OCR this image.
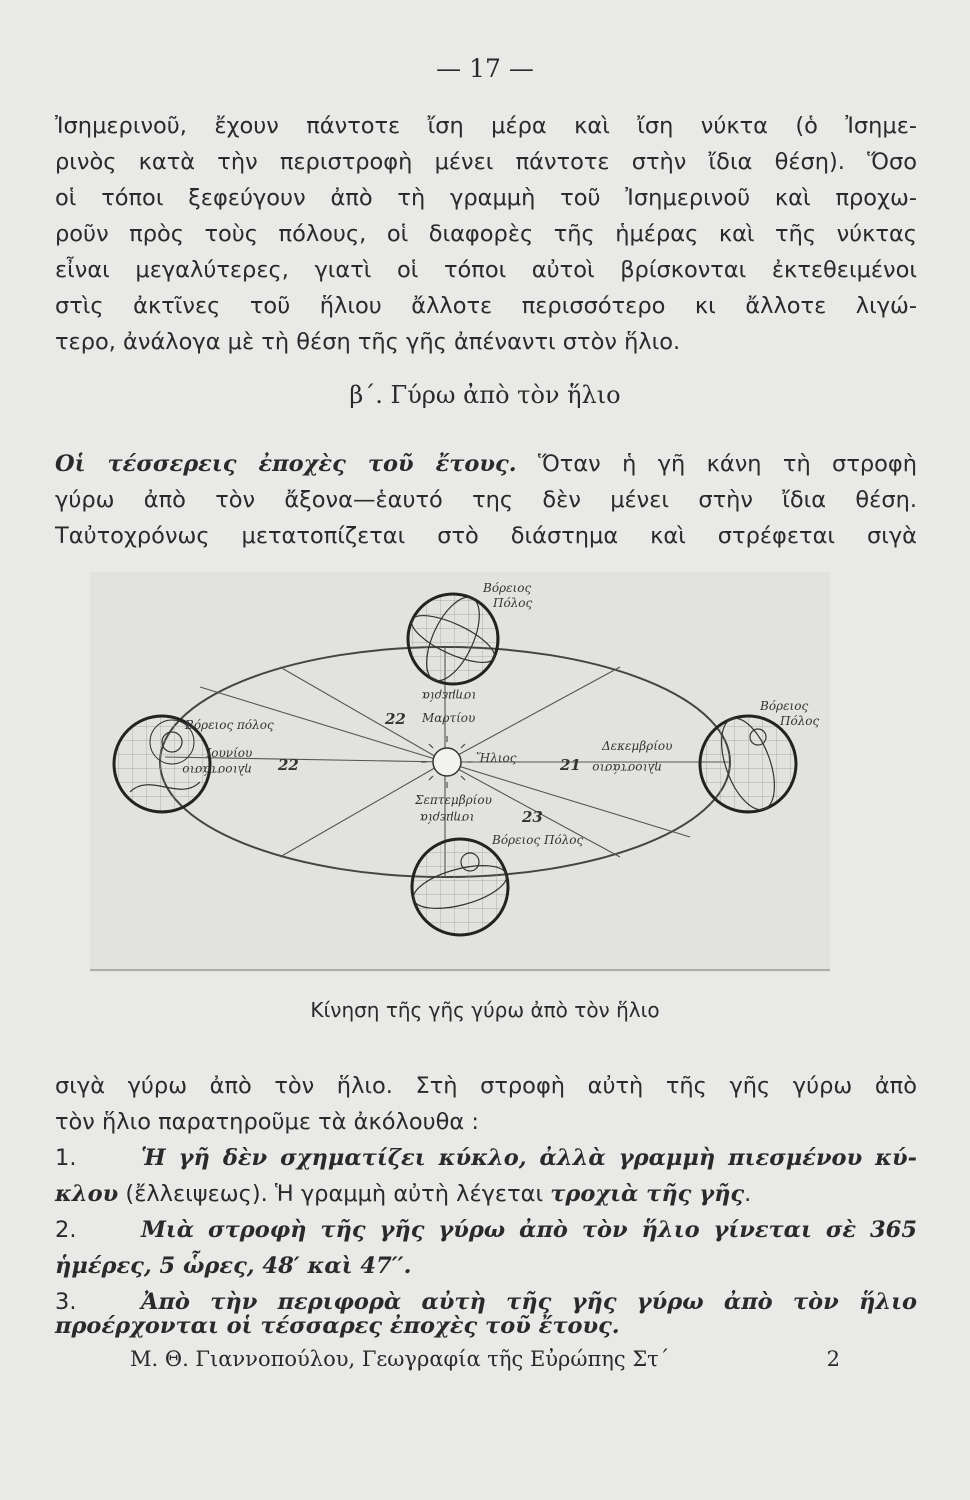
— 17 —
Ἰσημερινοῦ, ἔχουν πάντοτε ἴση μέρα καὶ ἴση νύκτα (ὁ Ἰσημε-
ρινὸς κατὰ τὴν περιστροφὴ μένει πάντοτε στὴν ἴδια θέση). Ὅσο
οἱ τόποι ξεφεύγουν ἀπὸ τὴ γραμμὴ τοῦ Ἰσημερινοῦ καὶ προχω-
ροῦν πρὸς τοὺς πόλους, οἱ διαφορὲς τῆς ἡμέρας καὶ τῆς νύκτας
εἶναι μεγαλύτερες, γιατὶ οἱ τόποι αὐτοὶ βρίσκονται ἐκτεθειμένοι
στὶς ἀκτῖνες τοῦ ἥλιου ἄλλοτε περισσότερο κι ἄλλοτε λιγώ-
τερο, ἀνάλογα μὲ τὴ θέση τῆς γῆς ἀπέναντι στὸν ἥλιο.
β΄. Γύρω ἀπὸ τὸν ἥλιο
Οἱ τέσσερεις ἐποχὲς τοῦ ἔτους. Ὅταν ἡ γῆ κάνη τὴ στροφὴ
γύρω ἀπὸ τὸν ἄξονα—ἑαυτό της δὲν μένει στὴν ἴδια θέση.
Ταὐτοχρόνως μετατοπίζεται στὸ διάστημα καὶ στρέφεται σιγὰ
Βόρειος
Πόλος
Βόρειος πόλος
Ἰουνίου
ηλιοστάσιο 22
ισημερία
22 Μαρτίου
Ἥλιος
Βόρειος
Πόλος
Δεκεμβρίου
21 ηλιοστάσιο
Σεπτεμβρίου
ισημερία	23
Βόρειος Πόλος
Κίνηση τῆς γῆς γύρω ἀπὸ τὸν ἥλιο
σιγὰ γύρω ἀπὸ τὸν ἥλιο. Στὴ στροφὴ αὐτὴ τῆς γῆς γύρω ἀπὸ
τὸν ἥλιο παρατηροῦμε τὰ ἀκόλουθα :
1.	Ἡ γῆ δὲν σχηματίζει κύκλο, ἀλλὰ γραμμὴ πιεσμένου κύ-
κλου (ἔλλειψεως). Ἡ γραμμὴ αὐτὴ λέγεται τροχιὰ τῆς γῆς.
2.	Μιὰ στροφὴ τῆς γῆς γύρω ἀπὸ τὸν ἥλιο γίνεται σὲ 365
ἡμέρες, 5 ὧρες, 48′ καὶ 47′′.
3.	Ἀπὸ τὴν περιφορὰ αὐτὴ τῆς γῆς γύρω ἀπὸ τὸν ἥλιο
προέρχονται οἱ τέσσαρες ἐποχὲς τοῦ ἔτους.
Μ. Θ. Γιαννοπούλου, Γεωγραφία τῆς Εὐρώπης Στ΄	2
